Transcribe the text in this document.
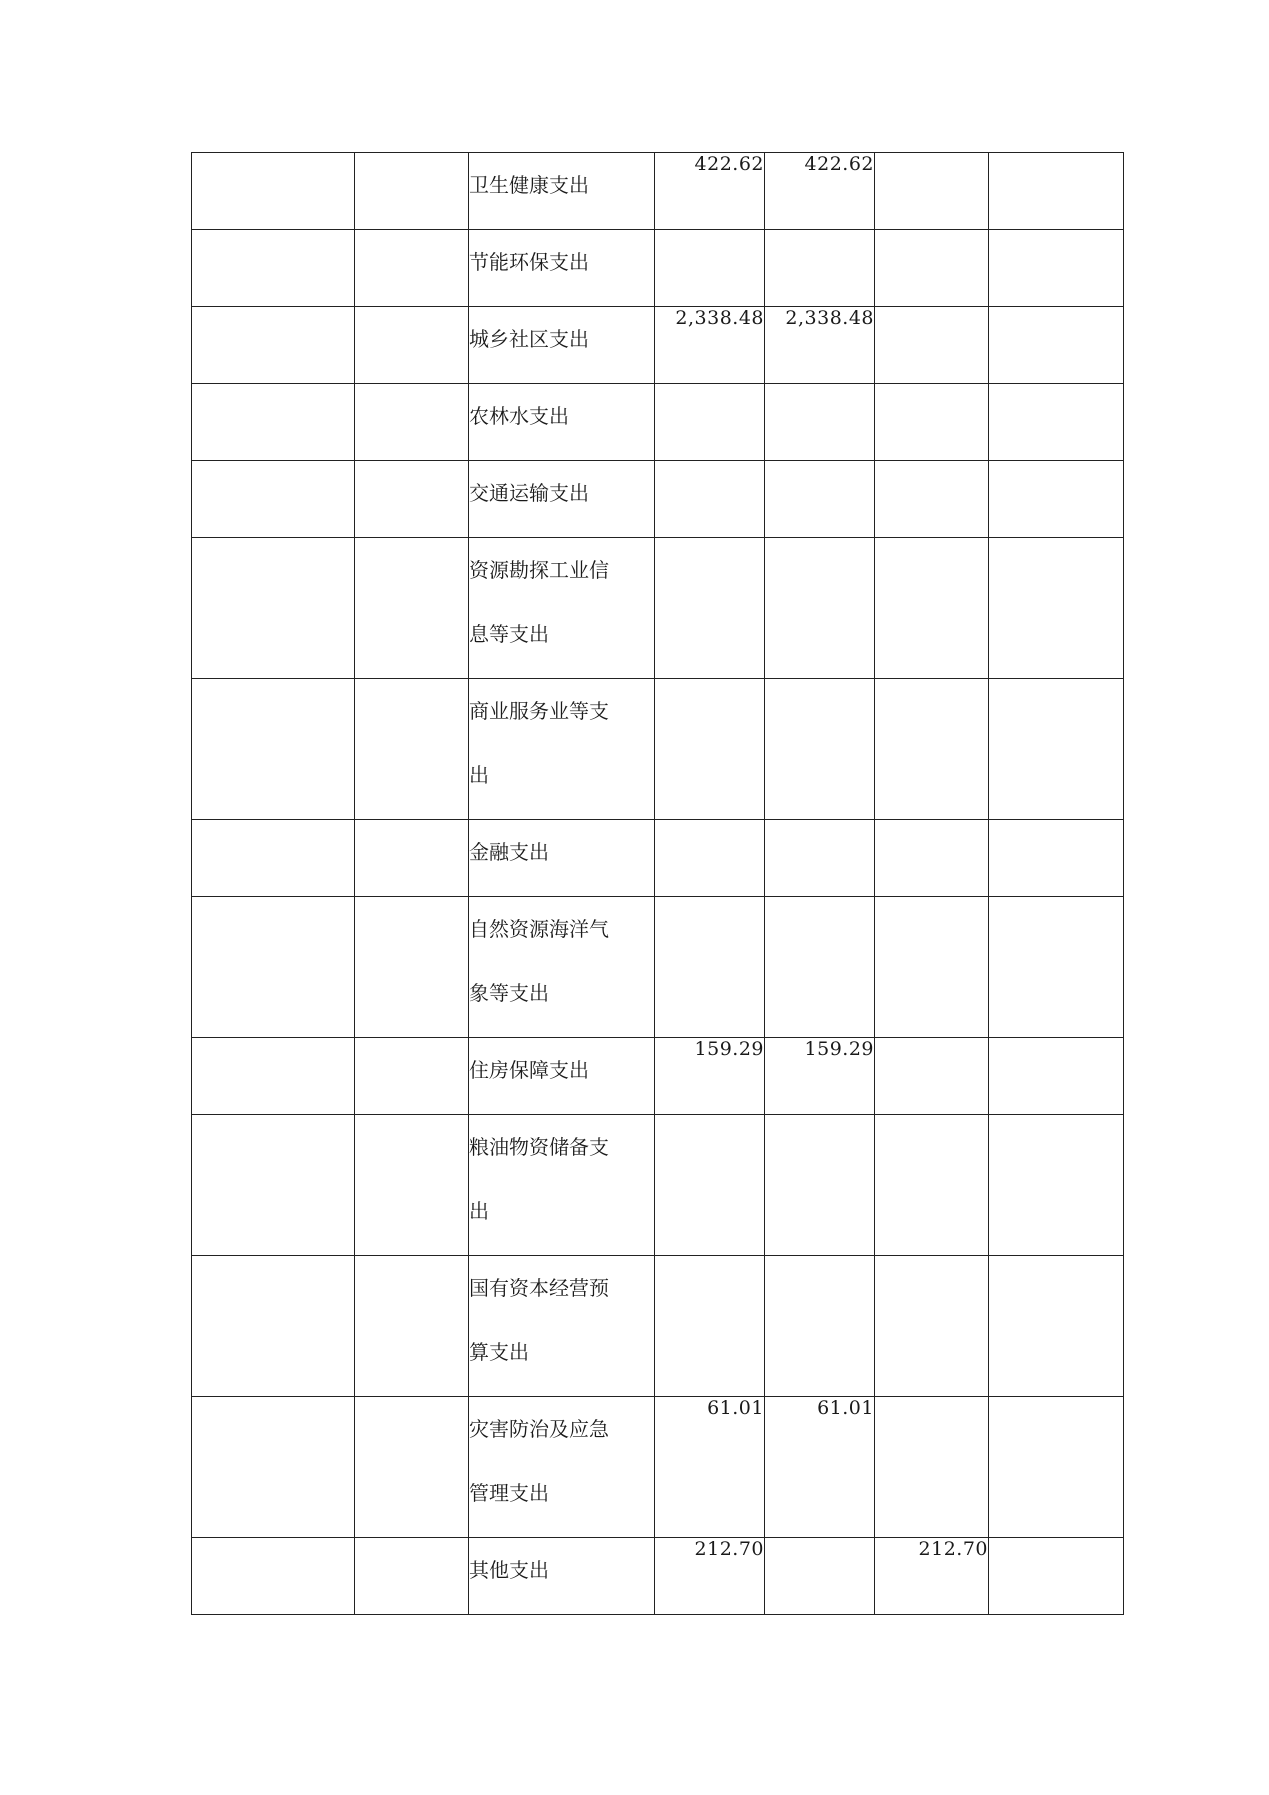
		卫生健康支出	422.62	422.62		

		节能环保支出				

		城乡社区支出	2,338.48	2,338.48		

		农林水支出				

		交通运输支出				

		资源勘探工业信
息等支出				

		商业服务业等支
出				

		金融支出				

		自然资源海洋气
象等支出				

		住房保障支出	159.29	159.29		

		粮油物资储备支
出				

		国有资本经营预
算支出				

		灾害防治及应急
管理支出	61.01	61.01		

		其他支出	212.70		212.70	
